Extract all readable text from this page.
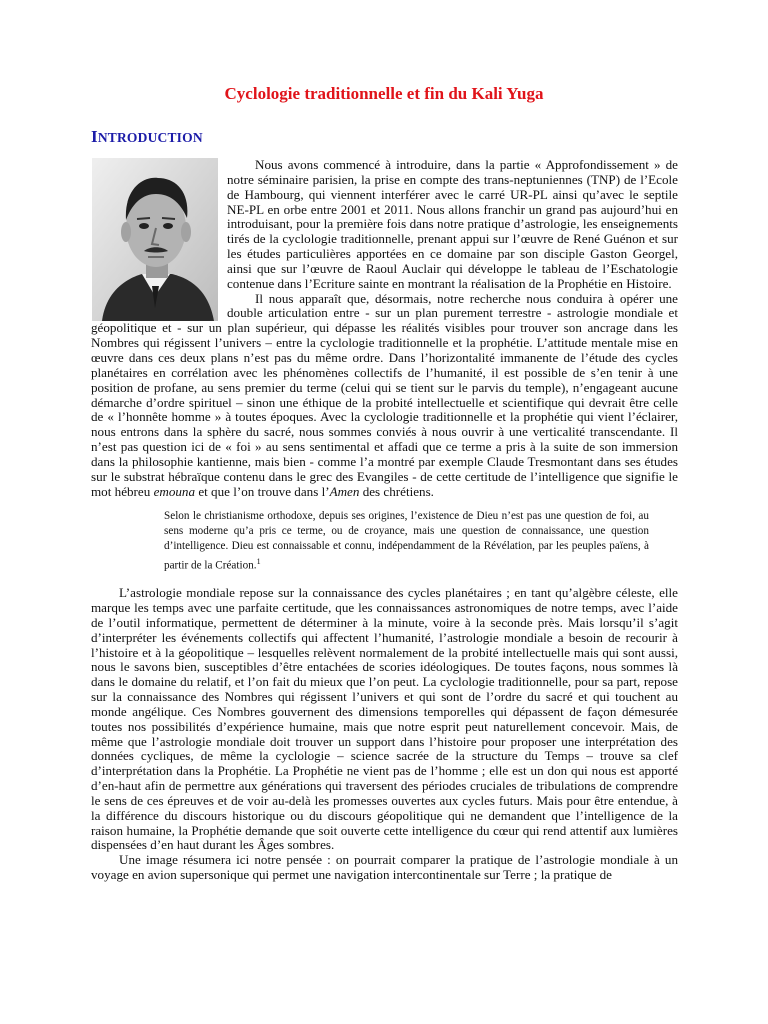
Cyclologie traditionnelle et fin du Kali Yuga
INTRODUCTION

Nous avons commencé à introduire, dans la partie « Approfondissement » de notre séminaire parisien, la prise en compte des trans-neptuniennes (TNP) de l’Ecole de Hambourg, qui viennent interférer avec le carré UR-PL ainsi qu’avec le septile NE-PL en orbe entre 2001 et 2011. Nous allons franchir un grand pas aujourd’hui en introduisant, pour la première fois dans notre pratique d’astrologie, les enseignements tirés de la cyclologie traditionnelle, prenant appui sur l’œuvre de René Guénon et sur les études particulières apportées en ce domaine par son disciple Gaston Georgel, ainsi que sur l’œuvre de Raoul Auclair qui développe le tableau de l’Eschatologie contenue dans l’Ecriture sainte en montrant la réalisation de la Prophétie en Histoire.

Il nous apparaît que, désormais, notre recherche nous conduira à opérer une double articulation entre - sur un plan purement terrestre - astrologie mondiale et géopolitique et - sur un plan supérieur, qui dépasse les réalités visibles pour trouver son ancrage dans les Nombres qui régissent l’univers – entre la cyclologie traditionnelle et la prophétie. L’attitude mentale mise en œuvre dans ces deux plans n’est pas du même ordre. Dans l’horizontalité immanente de l’étude des cycles planétaires en corrélation avec les phénomènes collectifs de l’humanité, il est possible de s’en tenir à une position de profane, au sens premier du terme (celui qui se tient sur le parvis du temple), n’engageant aucune démarche d’ordre spirituel – sinon une éthique de la probité intellectuelle et scientifique qui devrait être celle de « l’honnête homme » à toutes époques. Avec la cyclologie traditionnelle et la prophétie qui vient l’éclairer, nous entrons dans la sphère du sacré, nous sommes conviés à nous ouvrir à une verticalité transcendante. Il n’est pas question ici de « foi » au sens sentimental et affadi que ce terme a pris à la suite de son immersion dans la philosophie kantienne, mais bien - comme l’a montré par exemple Claude Tresmontant dans ses études sur le substrat hébraïque contenu dans le grec des Evangiles - de cette certitude de l’intelligence que signifie le mot hébreu emouna et que l’on trouve dans l’Amen des chrétiens.

Selon le christianisme orthodoxe, depuis ses origines, l’existence de Dieu n’est pas une question de foi, au sens moderne qu’a pris ce terme, ou de croyance, mais une question de connaissance, une question d’intelligence. Dieu est connaissable et connu, indépendamment de la Révélation, par les peuples païens, à partir de la Création.$^1$

L’astrologie mondiale repose sur la connaissance des cycles planétaires ; en tant qu’algèbre céleste, elle marque les temps avec une parfaite certitude, que les connaissances astronomiques de notre temps, avec l’aide de l’outil informatique, permettent de déterminer à la minute, voire à la seconde près. Mais lorsqu’il s’agit d’interpréter les événements collectifs qui affectent l’humanité, l’astrologie mondiale a besoin de recourir à l’histoire et à la géopolitique – lesquelles relèvent normalement de la probité intellectuelle mais qui sont aussi, nous le savons bien, susceptibles d’être entachées de scories idéologiques. De toutes façons, nous sommes là dans le domaine du relatif, et l’on fait du mieux que l’on peut. La cyclologie traditionnelle, pour sa part, repose sur la connaissance des Nombres qui régissent l’univers et qui sont de l’ordre du sacré et qui touchent au monde angélique. Ces Nombres gouvernent des dimensions temporelles qui dépassent de façon démesurée toutes nos possibilités d’expérience humaine, mais que notre esprit peut naturellement concevoir. Mais, de même que l’astrologie mondiale doit trouver un support dans l’histoire pour proposer une interprétation des données cycliques, de même la cyclologie – science sacrée de la structure du Temps – trouve sa clef d’interprétation dans la Prophétie. La Prophétie ne vient pas de l’homme ; elle est un don qui nous est apporté d’en-haut afin de permettre aux générations qui traversent des périodes cruciales de tribulations de comprendre le sens de ces épreuves et de voir au-delà les promesses ouvertes aux cycles futurs. Mais pour être entendue, à la différence du discours historique ou du discours géopolitique qui ne demandent que l’intelligence de la raison humaine, la Prophétie demande que soit ouverte cette intelligence du cœur qui rend attentif aux lumières dispensées d’en haut durant les Âges sombres.

Une image résumera ici notre pensée : on pourrait comparer la pratique de l’astrologie mondiale à un voyage en avion supersonique qui permet une navigation intercontinentale sur Terre ; la pratique de
